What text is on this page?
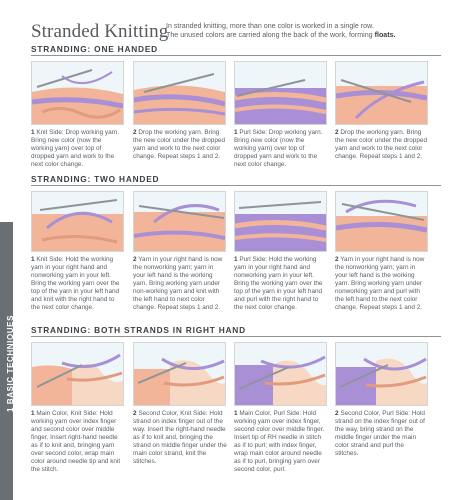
1 BASIC TECHNIQUES
Stranded Knitting
In stranded knitting, more than one color is worked in a single row.
The unused colors are carried along the back of the work, forming floats.
STRANDING: ONE HANDED
1 Knit Side: Drop working yarn. Bring new color (now the working yarn) over top of dropped yarn and work to the next color change.
2 Drop the working yarn. Bring the new color under the dropped yarn and work to the next color change. Repeat steps 1 and 2.
1 Purl Side: Drop working yarn. Bring new color (now the working yarn) over top of dropped yarn and work to the next color change.
2 Drop the working yarn. Bring the new color under the dropped yarn and work to the next color change. Repeat steps 1 and 2.
STRANDING: TWO HANDED
1 Knit Side: Hold the working yarn in your right hand and nonworking yarn in your left. Bring the working yarn over the top of the yarn in your left hand and knit with the right hand to the next color change.
2 Yarn in your right hand is now the nonworking yarn; yarn in your left hand is the working yarn. Bring working yarn under non-working yarn and knit with the left hand to next color change. Repeat steps 1 and 2.
1 Purl Side: Hold the working yarn in your right hand and nonworking yarn in your left. Bring the working yarn over the top of the yarn in your left hand and purl with the right hand to the next color change.
2 Yarn in your right hand is now the nonworking yarn; yarn in your left hand is the working yarn. Bring working yarn under nonworking yarn and purl with the left hand to the next color change. Repeat steps 1 and 2.
STRANDING: BOTH STRANDS IN RIGHT HAND
1 Main Color, Knit Side: Hold working yarn over index finger and second color over middle finger. Insert right-hand needle as if to knit and, bringing yarn over second color, wrap main color around needle tip and knit the stitch.
2 Second Color, Knit Side: Hold strand on index finger out of the way. Insert the right-hand needle as if to knit and, bringing the strand on middle finger under the main color strand, knit the stitches.
1 Main Color, Purl Side: Hold working yarn over index finger, second color over middle finger. Insert tip of RH needle in stitch as if to purl; with index finger, wrap main color around needle as if to purl, bringing yarn over second color, purl.
2 Second Color, Purl Side: Hold strand on the index finger out of the way, bring strand on the middle finger under the main color strand and purl the stitches.
